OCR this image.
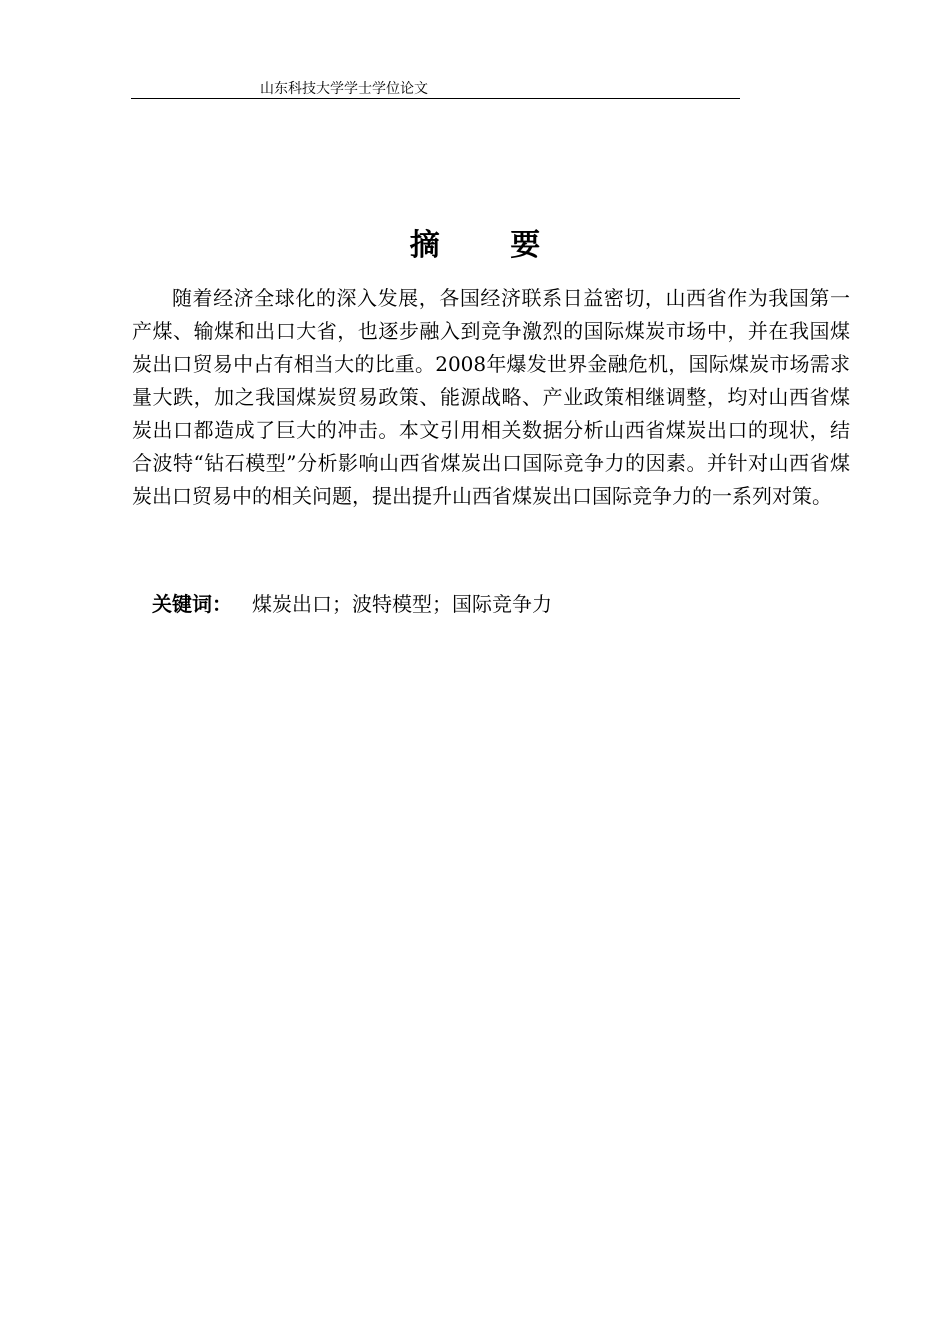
山东科技大学学士学位论文
摘 要

随着经济全球化的深入发展，各国经济联系日益密切，山西省作为我国第一产煤、输煤和出口大省，也逐步融入到竞争激烈的国际煤炭市场中，并在我国煤炭出口贸易中占有相当大的比重。2008年爆发世界金融危机，国际煤炭市场需求量大跌，加之我国煤炭贸易政策、能源战略、产业政策相继调整，均对山西省煤炭出口都造成了巨大的冲击。本文引用相关数据分析山西省煤炭出口的现状，结合波特“钻石模型”分析影响山西省煤炭出口国际竞争力的因素。并针对山西省煤炭出口贸易中的相关问题，提出提升山西省煤炭出口国际竞争力的一系列对策。

关键词： 煤炭出口；波特模型；国际竞争力
